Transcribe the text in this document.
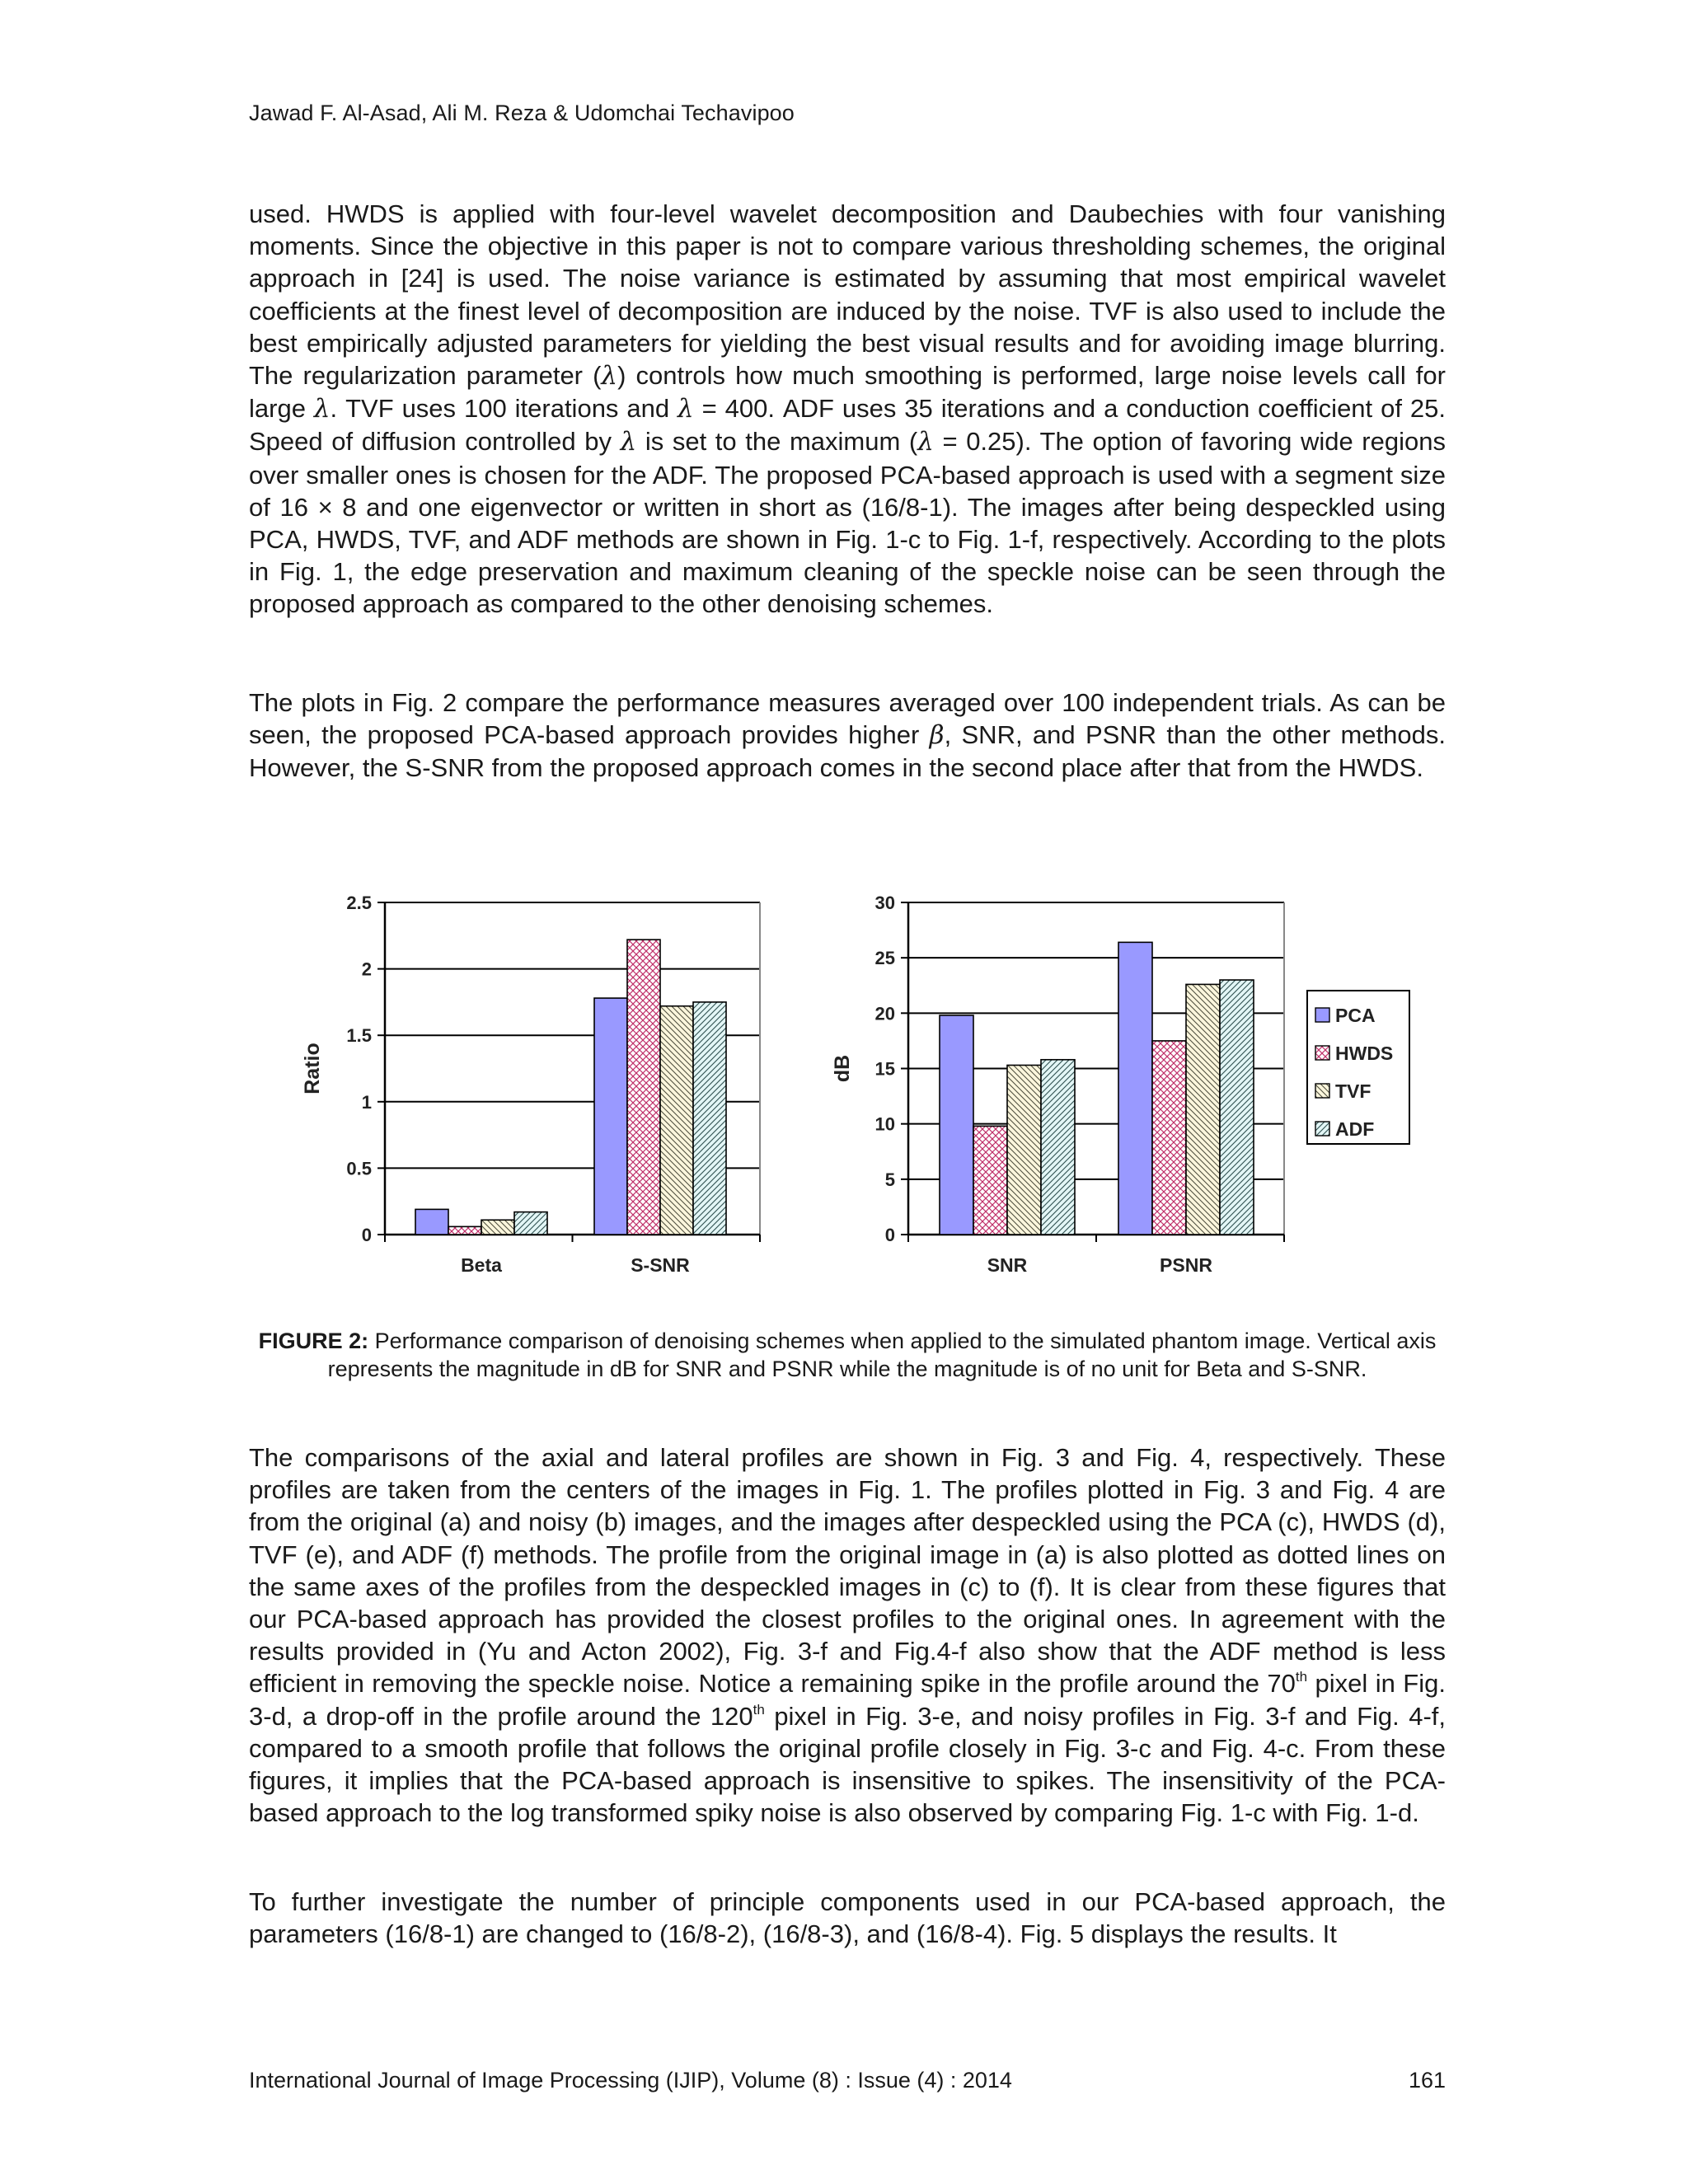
Jawad F. Al-Asad, Ali M. Reza & Udomchai Techavipoo

used. HWDS is applied with four-level wavelet decomposition and Daubechies with four vanishing moments. Since the objective in this paper is not to compare various thresholding schemes, the original approach in [24] is used. The noise variance is estimated by assuming that most empirical wavelet coefficients at the finest level of decomposition are induced by the noise. TVF is also used to include the best empirically adjusted parameters for yielding the best visual results and for avoiding image blurring. The regularization parameter (λ) controls how much smoothing is performed, large noise levels call for large λ. TVF uses 100 iterations and λ = 400. ADF uses 35 iterations and a conduction coefficient of 25. Speed of diffusion controlled by λ is set to the maximum (λ = 0.25). The option of favoring wide regions over smaller ones is chosen for the ADF. The proposed PCA-based approach is used with a segment size of 16 × 8 and one eigenvector or written in short as (16/8-1). The images after being despeckled using PCA, HWDS, TVF, and ADF methods are shown in Fig. 1-c to Fig. 1-f, respectively. According to the plots in Fig. 1, the edge preservation and maximum cleaning of the speckle noise can be seen through the proposed approach as compared to the other denoising schemes.

The plots in Fig. 2 compare the performance measures averaged over 100 independent trials. As can be seen, the proposed PCA-based approach provides higher β, SNR, and PSNR than the other methods. However, the S-SNR from the proposed approach comes in the second place after that from the HWDS.

0
0.5
1
1.5
2
2.5
Beta	S-SNR
Ratio
0
5
10
15
20
25
30
SNR	PSNR
dB
PCA
HWDS
TVF
ADF
FIGURE 2: Performance comparison of denoising schemes when applied to the simulated phantom image. Vertical axis represents the magnitude in dB for SNR and PSNR while the magnitude is of no unit for Beta and S-SNR.

The comparisons of the axial and lateral profiles are shown in Fig. 3 and Fig. 4, respectively. These profiles are taken from the centers of the images in Fig. 1. The profiles plotted in Fig. 3 and Fig. 4 are from the original (a) and noisy (b) images, and the images after despeckled using the PCA (c), HWDS (d), TVF (e), and ADF (f) methods. The profile from the original image in (a) is also plotted as dotted lines on the same axes of the profiles from the despeckled images in (c) to (f). It is clear from these figures that our PCA-based approach has provided the closest profiles to the original ones. In agreement with the results provided in (Yu and Acton 2002), Fig. 3-f and Fig.4-f also show that the ADF method is less efficient in removing the speckle noise. Notice a remaining spike in the profile around the 70th pixel in Fig. 3-d, a drop-off in the profile around the 120th pixel in Fig. 3-e, and noisy profiles in Fig. 3-f and Fig. 4-f, compared to a smooth profile that follows the original profile closely in Fig. 3-c and Fig. 4-c. From these figures, it implies that the PCA-based approach is insensitive to spikes. The insensitivity of the PCA-based approach to the log transformed spiky noise is also observed by comparing Fig. 1-c with Fig. 1-d.

To further investigate the number of principle components used in our PCA-based approach, the parameters (16/8-1) are changed to (16/8-2), (16/8-3), and (16/8-4). Fig. 5 displays the results. It

International Journal of Image Processing (IJIP), Volume (8) : Issue (4) : 2014	161
